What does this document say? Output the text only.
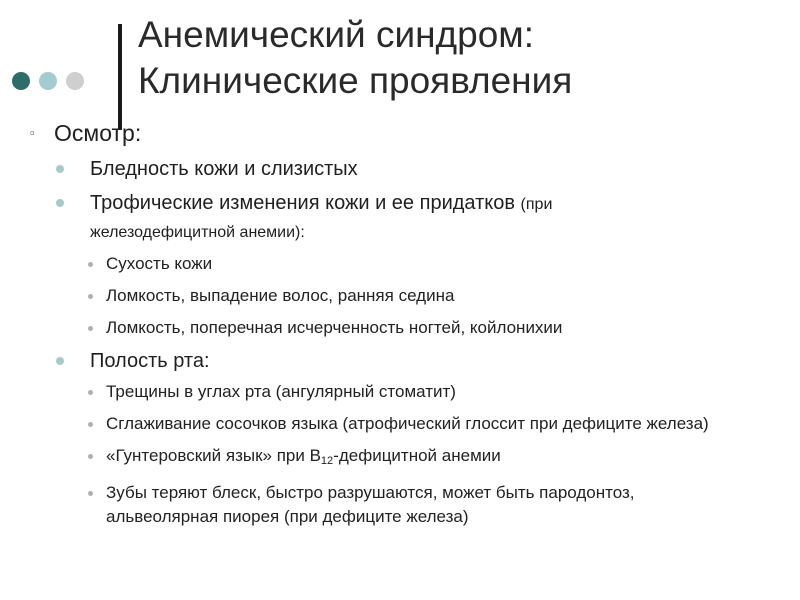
Анемический синдром:
Клинические проявления
▫ Осмотр:
Бледность кожи и слизистых
Трофические изменения кожи и ее придатков (при
железодефицитной анемии):
Сухость кожи
Ломкость, выпадение волос, ранняя седина
Ломкость, поперечная исчерченность ногтей, койлонихии
Полость рта:
Трещины в углах рта (ангулярный стоматит)
Сглаживание сосочков языка (атрофический глоссит при дефиците железа)
«Гунтеровский язык» при $В_{12}$-дефицитной анемии
Зубы теряют блеск, быстро разрушаются, может быть пародонтоз, альвеолярная пиорея (при дефиците железа)
